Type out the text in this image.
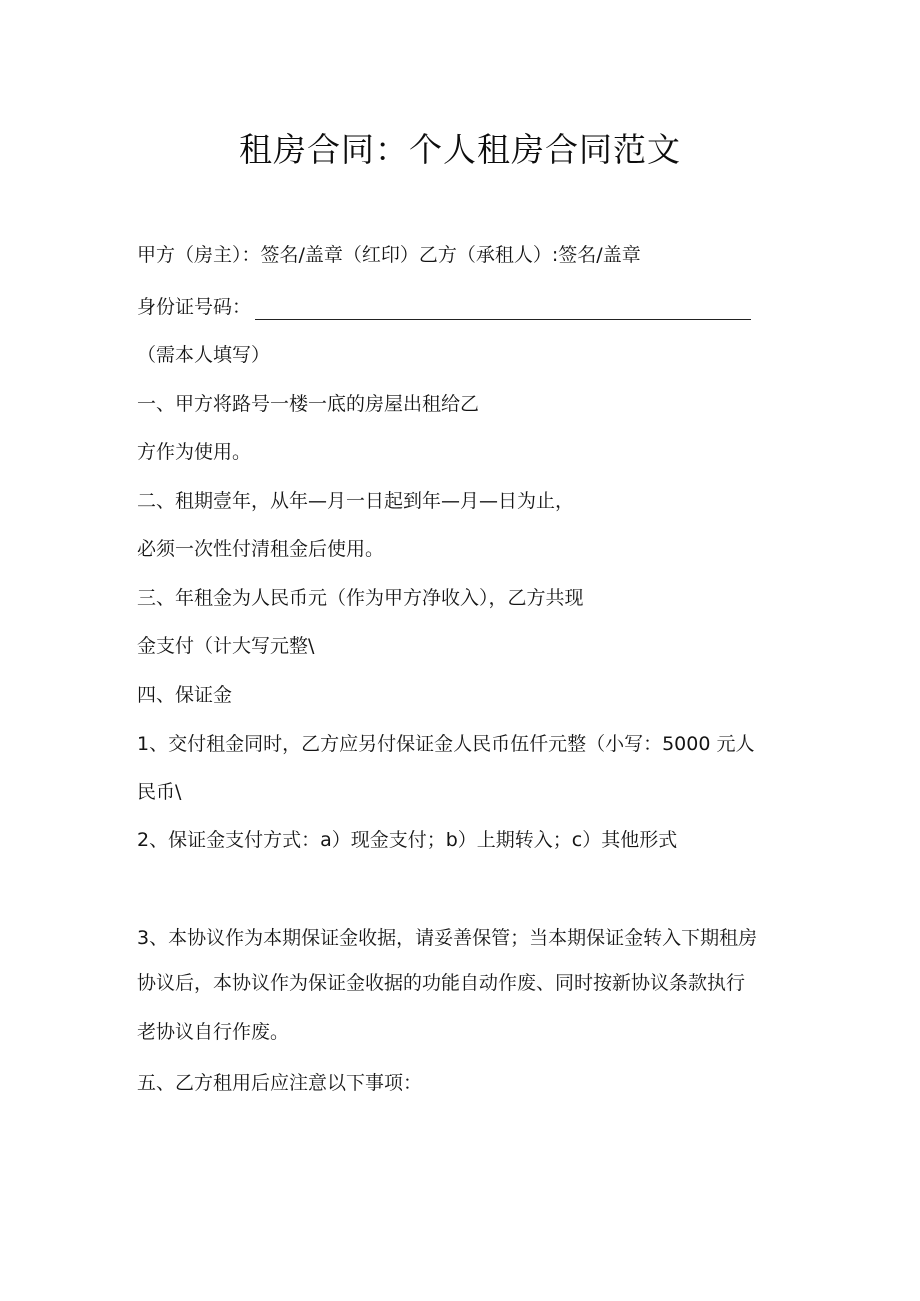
租房合同：个人租房合同范文
甲方（房主）：签名/盖章（红印）乙方（承租人）:签名/盖章
身份证号码：
（需本人填写）
一、甲方将路号一楼一底的房屋出租给乙
方作为使用。
二、租期壹年，从年—月一日起到年—月—日为止，
必须一次性付清租金后使用。
三、年租金为人民币元（作为甲方净收入），乙方共现
金支付（计大写元整\
四、保证金
1、交付租金同时，乙方应另付保证金人民币伍仟元整（小写：5000 元人
民币\
2、保证金支付方式：a）现金支付；b）上期转入；c）其他形式
3、本协议作为本期保证金收据，请妥善保管；当本期保证金转入下期租房
协议后，本协议作为保证金收据的功能自动作废、同时按新协议条款执行
老协议自行作废。
五、乙方租用后应注意以下事项：
